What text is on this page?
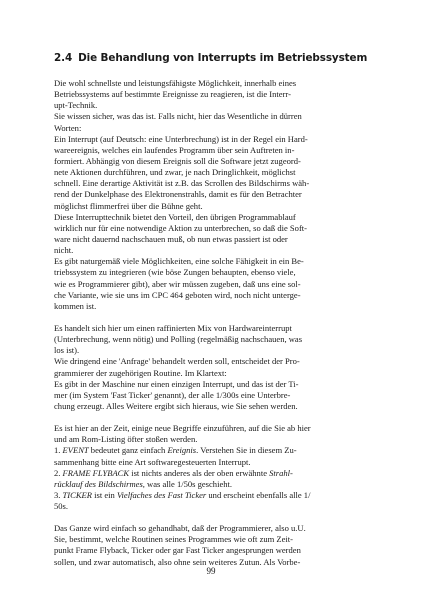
2.4 Die Behandlung von Interrupts im Betriebssystem
Die wohl schnellste und leistungsfähigste Möglichkeit, innerhalb eines
Betriebssystems auf bestimmte Ereignisse zu reagieren, ist die Interr-
upt-Technik.
Sie wissen sicher, was das ist. Falls nicht, hier das Wesentliche in dürren
Worten:
Ein Interrupt (auf Deutsch: eine Unterbrechung) ist in der Regel ein Hard-
wareereignis, welches ein laufendes Programm über sein Auftreten in-
formiert. Abhängig von diesem Ereignis soll die Software jetzt zugeord-
nete Aktionen durchführen, und zwar, je nach Dringlichkeit, möglichst
schnell. Eine derartige Aktivität ist z.B. das Scrollen des Bildschirms wäh-
rend der Dunkelphase des Elektronenstrahls, damit es für den Betrachter
möglichst flimmerfrei über die Bühne geht.
Diese Interrupttechnik bietet den Vorteil, den übrigen Programmablauf
wirklich nur für eine notwendige Aktion zu unterbrechen, so daß die Soft-
ware nicht dauernd nachschauen muß, ob nun etwas passiert ist oder
nicht.
Es gibt naturgemäß viele Möglichkeiten, eine solche Fähigkeit in ein Be-
triebssystem zu integrieren (wie böse Zungen behaupten, ebenso viele,
wie es Programmierer gibt), aber wir müssen zugeben, daß uns eine sol-
che Variante, wie sie uns im CPC 464 geboten wird, noch nicht unterge-
kommen ist.
Es handelt sich hier um einen raffinierten Mix von Hardwareinterrupt
(Unterbrechung, wenn nötig) und Polling (regelmäßig nachschauen, was
los ist).
Wie dringend eine 'Anfrage' behandelt werden soll, entscheidet der Pro-
grammierer der zugehörigen Routine. Im Klartext:
Es gibt in der Maschine nur einen einzigen Interrupt, und das ist der Ti-
mer (im System 'Fast Ticker' genannt), der alle 1/300s eine Unterbre-
chung erzeugt. Alles Weitere ergibt sich hieraus, wie Sie sehen werden.
Es ist hier an der Zeit, einige neue Begriffe einzuführen, auf die Sie ab hier
und am Rom-Listing öfter stoßen werden.
1. EVENT bedeutet ganz einfach Ereignis. Verstehen Sie in diesem Zu-
sammenhang bitte eine Art softwaregesteuerten Interrupt.
2. FRAME FLYBACK ist nichts anderes als der oben erwähnte Strahl-
rücklauf des Bildschirmes, was alle 1/50s geschieht.
3. TICKER ist ein Vielfaches des Fast Ticker und erscheint ebenfalls alle 1/
50s.
Das Ganze wird einfach so gehandhabt, daß der Programmierer, also u.U.
Sie, bestimmt, welche Routinen seines Programmes wie oft zum Zeit-
punkt Frame Flyback, Ticker oder gar Fast Ticker angesprungen werden
sollen, und zwar automatisch, also ohne sein weiteres Zutun. Als Vorbe-
99
